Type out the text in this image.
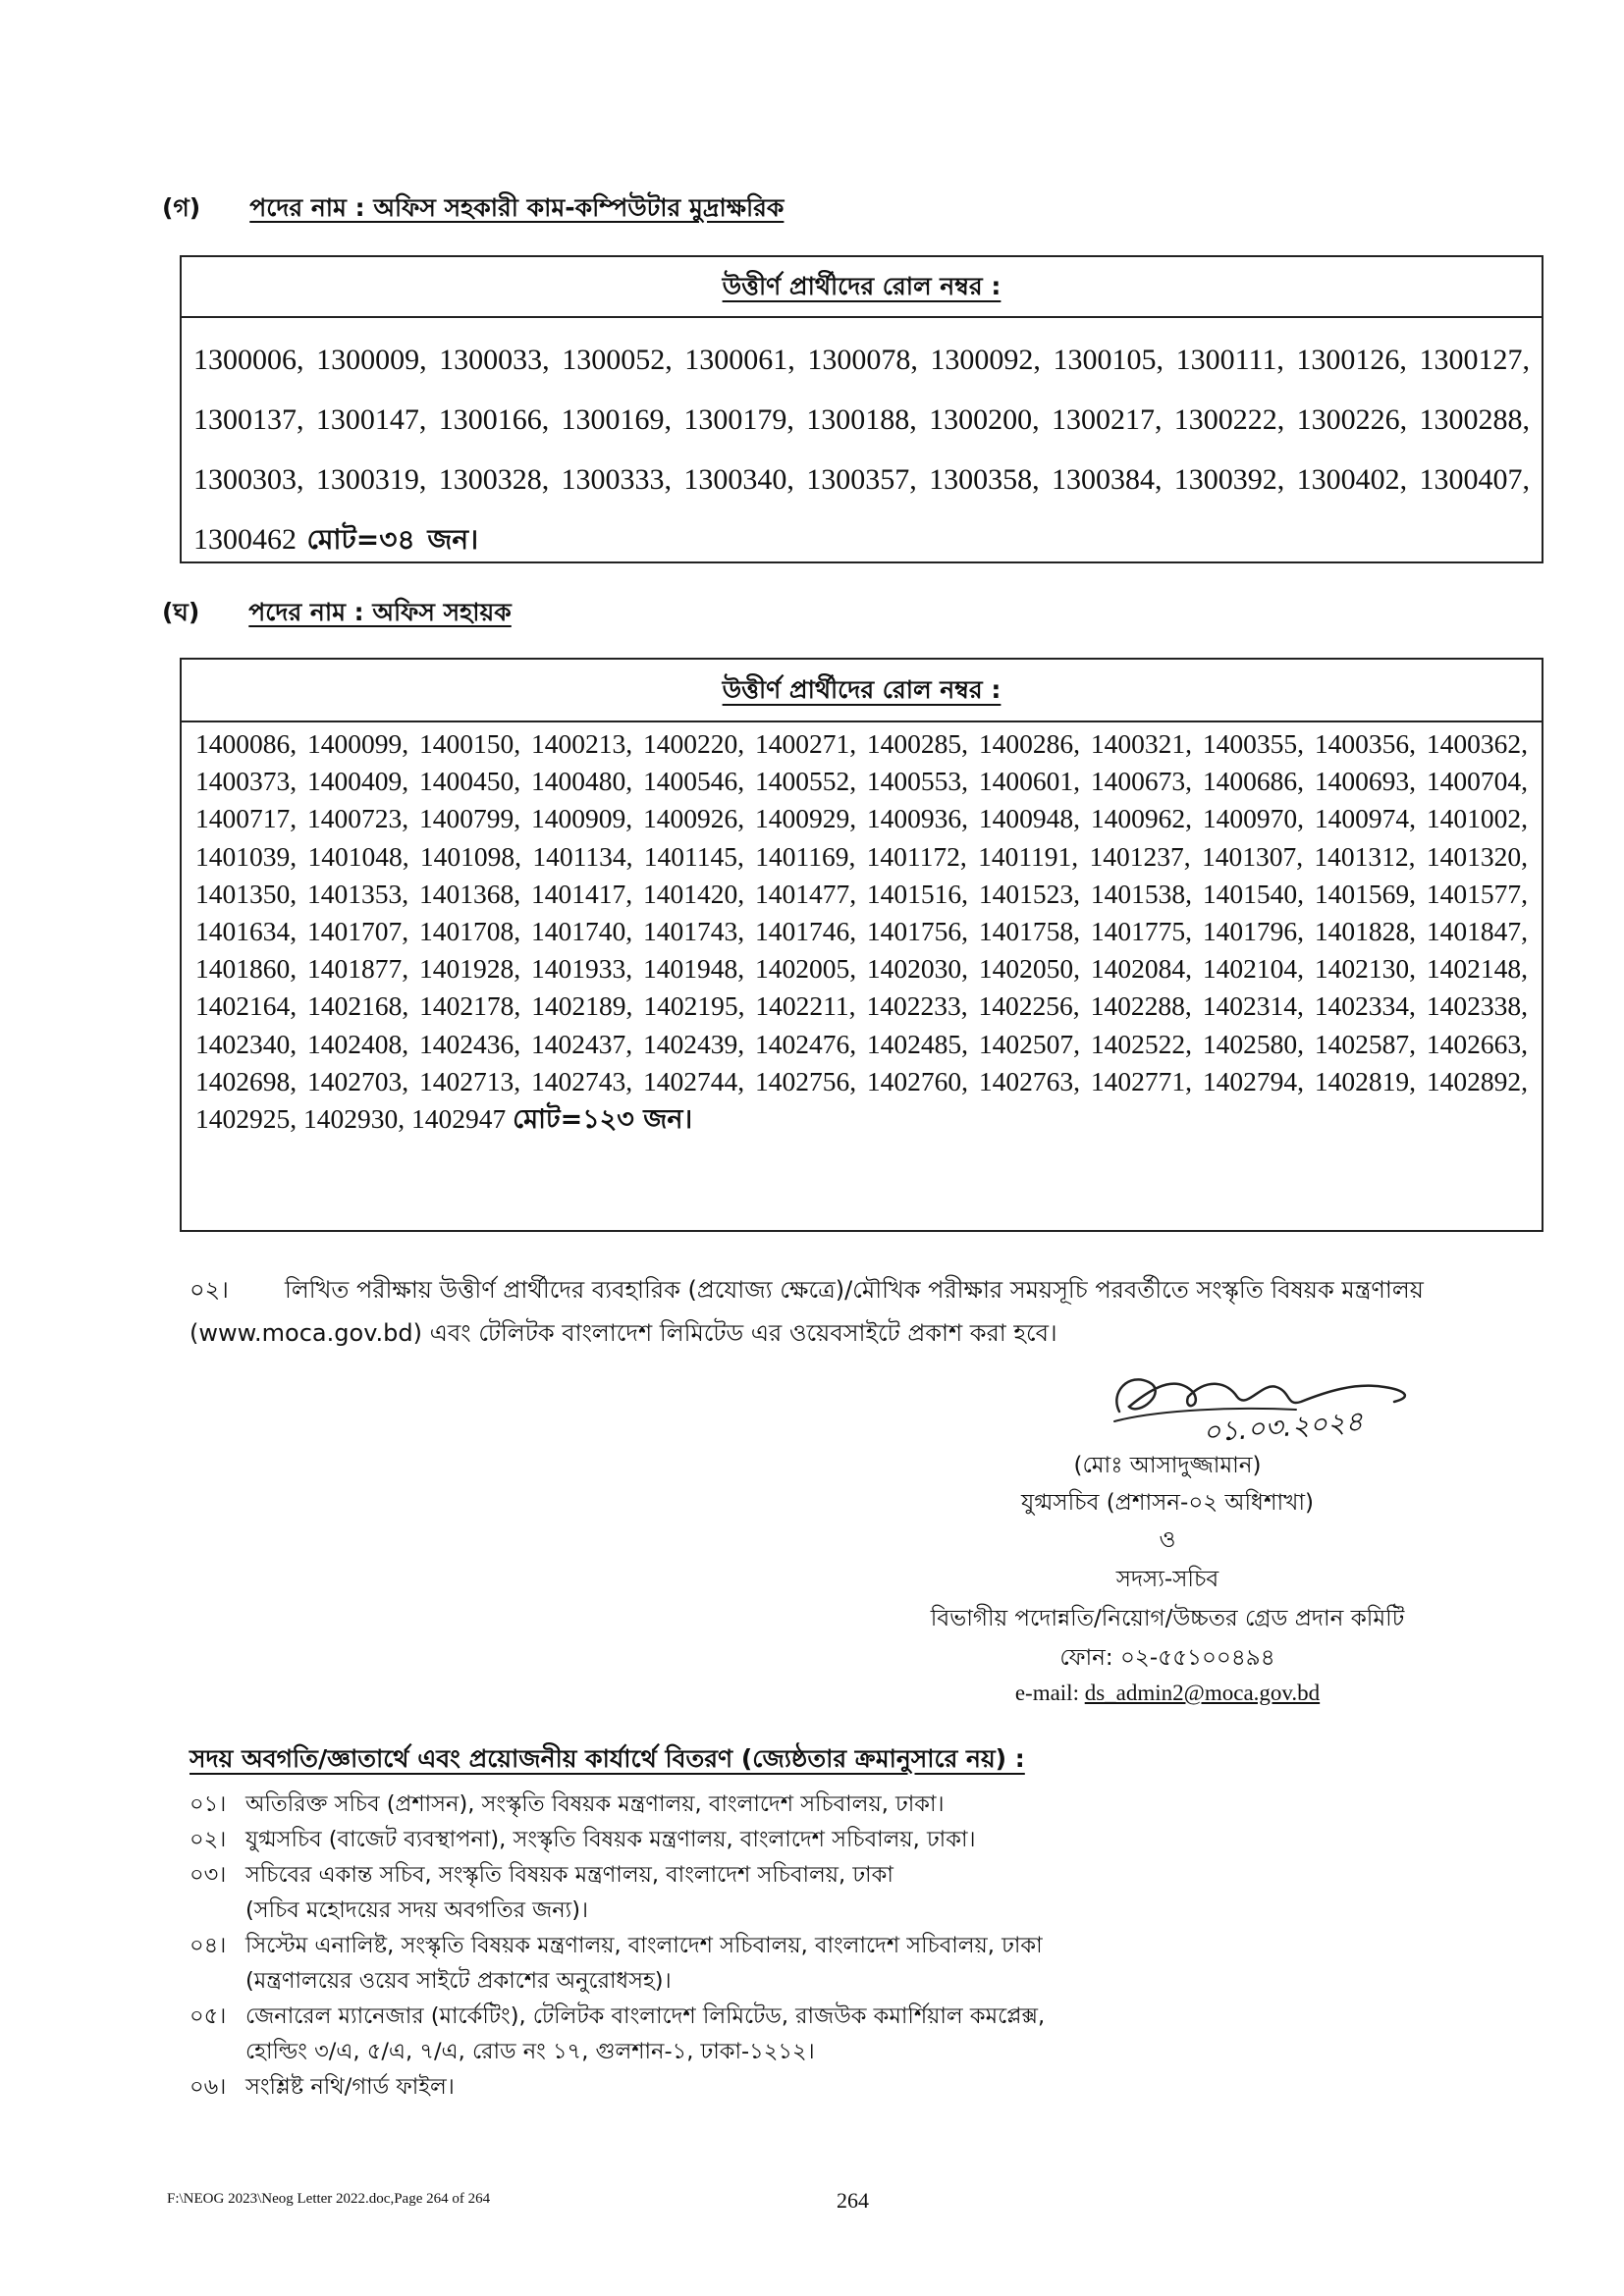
(গ) পদের নাম : অফিস সহকারী কাম-কম্পিউটার মুদ্রাক্ষরিক
উত্তীর্ণ প্রার্থীদের রোল নম্বর :
1300006, 1300009, 1300033, 1300052, 1300061, 1300078, 1300092, 1300105, 1300111, 1300126, 1300127, 1300137, 1300147, 1300166, 1300169, 1300179, 1300188, 1300200, 1300217, 1300222, 1300226, 1300288, 1300303, 1300319, 1300328, 1300333, 1300340, 1300357, 1300358, 1300384, 1300392, 1300402, 1300407, 1300462 মোট=৩৪ জন।
(ঘ) পদের নাম : অফিস সহায়ক
উত্তীর্ণ প্রার্থীদের রোল নম্বর :
1400086, 1400099, 1400150, 1400213, 1400220, 1400271, 1400285, 1400286, 1400321, 1400355, 1400356, 1400362, 1400373, 1400409, 1400450, 1400480, 1400546, 1400552, 1400553, 1400601, 1400673, 1400686, 1400693, 1400704, 1400717, 1400723, 1400799, 1400909, 1400926, 1400929, 1400936, 1400948, 1400962, 1400970, 1400974, 1401002, 1401039, 1401048, 1401098, 1401134, 1401145, 1401169, 1401172, 1401191, 1401237, 1401307, 1401312, 1401320, 1401350, 1401353, 1401368, 1401417, 1401420, 1401477, 1401516, 1401523, 1401538, 1401540, 1401569, 1401577, 1401634, 1401707, 1401708, 1401740, 1401743, 1401746, 1401756, 1401758, 1401775, 1401796, 1401828, 1401847, 1401860, 1401877, 1401928, 1401933, 1401948, 1402005, 1402030, 1402050, 1402084, 1402104, 1402130, 1402148, 1402164, 1402168, 1402178, 1402189, 1402195, 1402211, 1402233, 1402256, 1402288, 1402314, 1402334, 1402338, 1402340, 1402408, 1402436, 1402437, 1402439, 1402476, 1402485, 1402507, 1402522, 1402580, 1402587, 1402663, 1402698, 1402703, 1402713, 1402743, 1402744, 1402756, 1402760, 1402763, 1402771, 1402794, 1402819, 1402892, 1402925, 1402930, 1402947 মোট=১২৩ জন।
০২। লিখিত পরীক্ষায় উত্তীর্ণ প্রার্থীদের ব্যবহারিক (প্রযোজ্য ক্ষেত্রে)/মৌখিক পরীক্ষার সময়সূচি পরবর্তীতে সংস্কৃতি বিষয়ক মন্ত্রণালয় (www.moca.gov.bd) এবং টেলিটক বাংলাদেশ লিমিটেড এর ওয়েবসাইটে প্রকাশ করা হবে।
০১.০৩.২০২৪
(মোঃ আসাদুজ্জামান)
যুগ্মসচিব (প্রশাসন-০২ অধিশাখা)
ও
সদস্য-সচিব
বিভাগীয় পদোন্নতি/নিয়োগ/উচ্চতর গ্রেড প্রদান কমিটি
ফোন: ০২-৫৫১০০৪৯৪
e-mail: ds_admin2@moca.gov.bd
সদয় অবগতি/জ্ঞাতার্থে এবং প্রয়োজনীয় কার্যার্থে বিতরণ (জ্যেষ্ঠতার ক্রমানুসারে নয়) :
০১। অতিরিক্ত সচিব (প্রশাসন), সংস্কৃতি বিষয়ক মন্ত্রণালয়, বাংলাদেশ সচিবালয়, ঢাকা।
০২। যুগ্মসচিব (বাজেট ব্যবস্থাপনা), সংস্কৃতি বিষয়ক মন্ত্রণালয়, বাংলাদেশ সচিবালয়, ঢাকা।
০৩। সচিবের একান্ত সচিব, সংস্কৃতি বিষয়ক মন্ত্রণালয়, বাংলাদেশ সচিবালয়, ঢাকা
(সচিব মহোদয়ের সদয় অবগতির জন্য)।
০৪। সিস্টেম এনালিষ্ট, সংস্কৃতি বিষয়ক মন্ত্রণালয়, বাংলাদেশ সচিবালয়, বাংলাদেশ সচিবালয়, ঢাকা
(মন্ত্রণালয়ের ওয়েব সাইটে প্রকাশের অনুরোধসহ)।
০৫। জেনারেল ম্যানেজার (মার্কেটিং), টেলিটক বাংলাদেশ লিমিটেড, রাজউক কমার্শিয়াল কমপ্লেক্স,
হোল্ডিং ৩/এ, ৫/এ, ৭/এ, রোড নং ১৭, গুলশান-১, ঢাকা-১২১২।
০৬। সংশ্লিষ্ট নথি/গার্ড ফাইল।
F:\NEOG 2023\Neog Letter 2022.doc,Page 264 of 264	264
